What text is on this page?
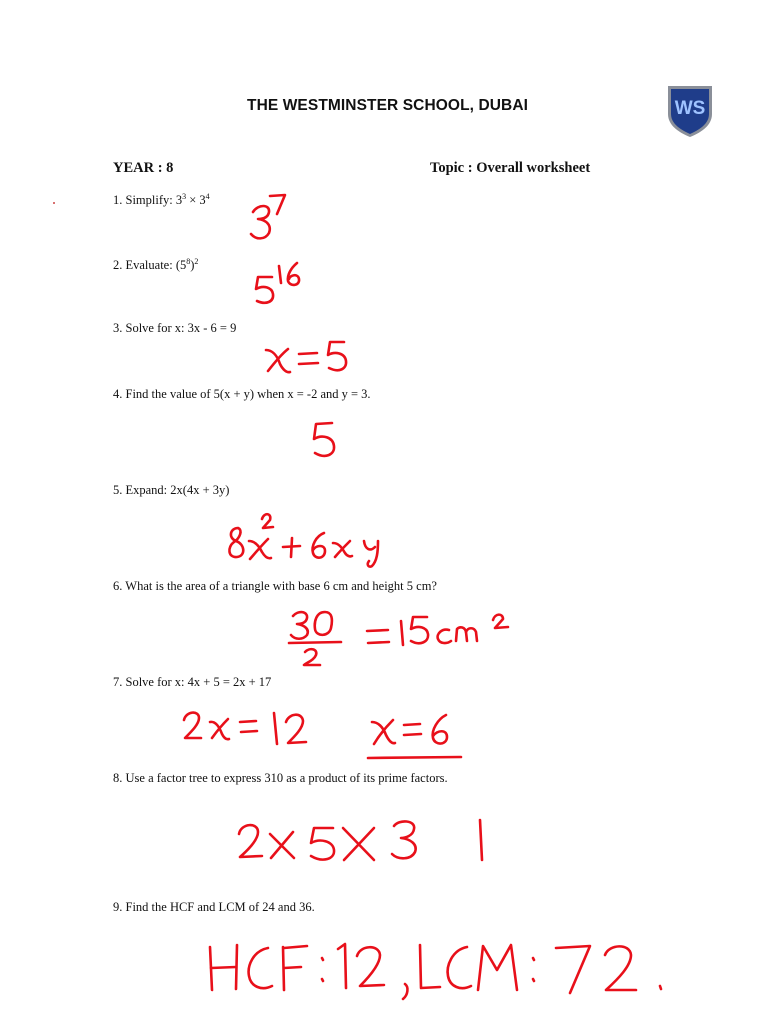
THE WESTMINSTER SCHOOL, DUBAI	WS
YEAR : 8	Topic : Overall worksheet
1. Simplify: $3^3 \times 3^4$
2. Evaluate: $(5^8)^2$
3. Solve for x: 3x - 6 = 9
4. Find the value of 5(x + y) when x = -2 and y = 3.
5. Expand: 2x(4x + 3y)
6. What is the area of a triangle with base 6 cm and height 5 cm?
7. Solve for x: 4x + 5 = 2x + 17
8. Use a factor tree to express 310 as a product of its prime factors.
9. Find the HCF and LCM of 24 and 36.
